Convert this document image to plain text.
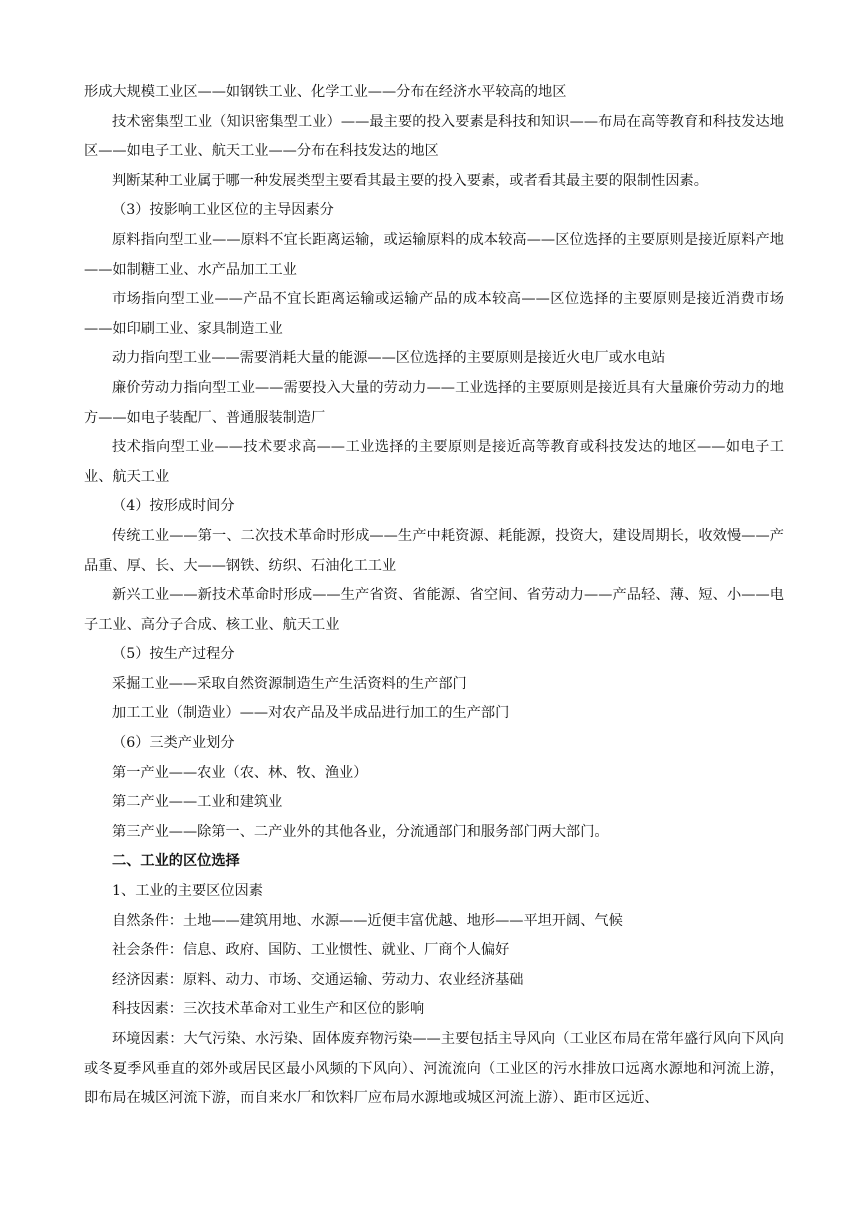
形成大规模工业区——如钢铁工业、化学工业——分布在经济水平较高的地区

技术密集型工业（知识密集型工业）——最主要的投入要素是科技和知识——布局在高等教育和科技发达地区——如电子工业、航天工业——分布在科技发达的地区

判断某种工业属于哪一种发展类型主要看其最主要的投入要素，或者看其最主要的限制性因素。

（3）按影响工业区位的主导因素分

原料指向型工业——原料不宜长距离运输，或运输原料的成本较高——区位选择的主要原则是接近原料产地——如制糖工业、水产品加工工业

市场指向型工业——产品不宜长距离运输或运输产品的成本较高——区位选择的主要原则是接近消费市场——如印刷工业、家具制造工业

动力指向型工业——需要消耗大量的能源——区位选择的主要原则是接近火电厂或水电站

廉价劳动力指向型工业——需要投入大量的劳动力——工业选择的主要原则是接近具有大量廉价劳动力的地方——如电子装配厂、普通服装制造厂

技术指向型工业——技术要求高——工业选择的主要原则是接近高等教育或科技发达的地区——如电子工业、航天工业

（4）按形成时间分

传统工业——第一、二次技术革命时形成——生产中耗资源、耗能源，投资大，建设周期长，收效慢——产品重、厚、长、大——钢铁、纺织、石油化工工业

新兴工业——新技术革命时形成——生产省资、省能源、省空间、省劳动力——产品轻、薄、短、小——电子工业、高分子合成、核工业、航天工业

（5）按生产过程分

采掘工业——采取自然资源制造生产生活资料的生产部门

加工工业（制造业）——对农产品及半成品进行加工的生产部门

（6）三类产业划分

第一产业——农业（农、林、牧、渔业）

第二产业——工业和建筑业

第三产业——除第一、二产业外的其他各业，分流通部门和服务部门两大部门。

二、工业的区位选择

1、工业的主要区位因素

自然条件：土地——建筑用地、水源——近便丰富优越、地形——平坦开阔、气候

社会条件：信息、政府、国防、工业惯性、就业、厂商个人偏好

经济因素：原料、动力、市场、交通运输、劳动力、农业经济基础

科技因素：三次技术革命对工业生产和区位的影响

环境因素：大气污染、水污染、固体废弃物污染——主要包括主导风向（工业区布局在常年盛行风向下风向或冬夏季风垂直的郊外或居民区最小风频的下风向）、河流流向（工业区的污水排放口远离水源地和河流上游，即布局在城区河流下游，而自来水厂和饮料厂应布局水源地或城区河流上游）、距市区远近、
